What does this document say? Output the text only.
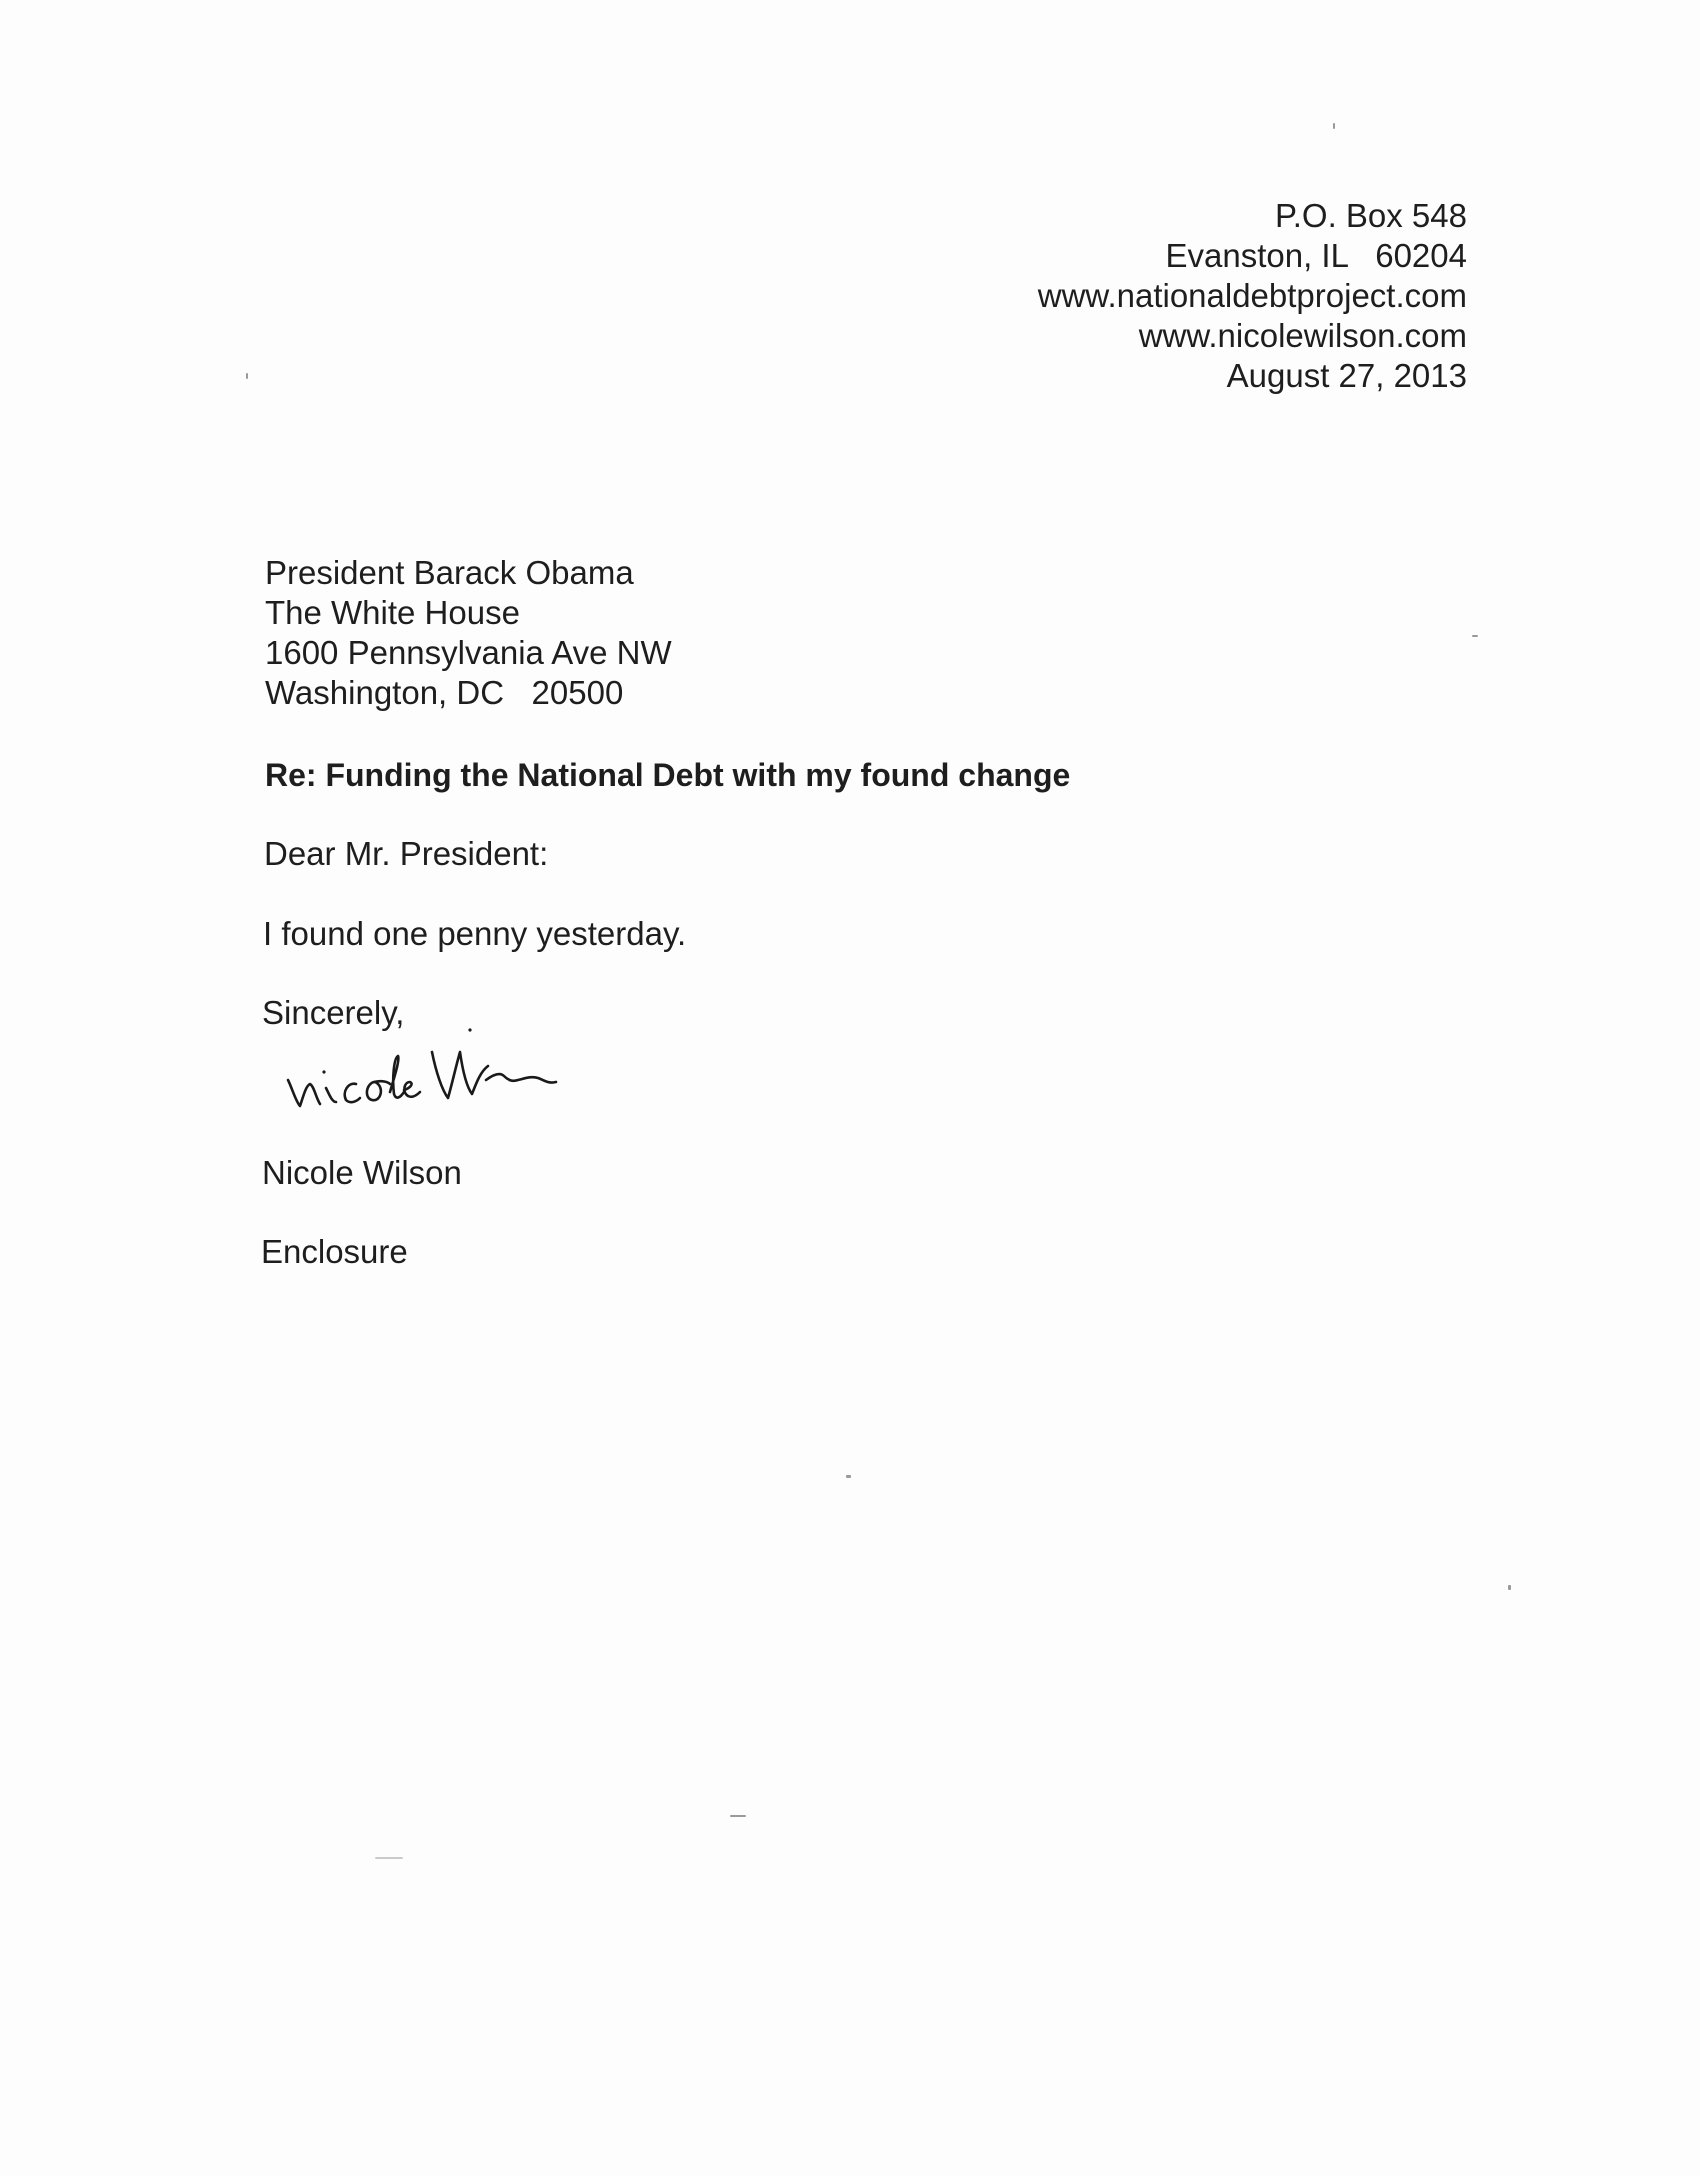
P.O. Box 548
Evanston, IL   60204
www.nationaldebtproject.com
www.nicolewilson.com
August 27, 2013
President Barack Obama
The White House
1600 Pennsylvania Ave NW
Washington, DC   20500
Re: Funding the National Debt with my found change
Dear Mr. President:
I found one penny yesterday.
Sincerely,
Nicole Wilson
Enclosure
